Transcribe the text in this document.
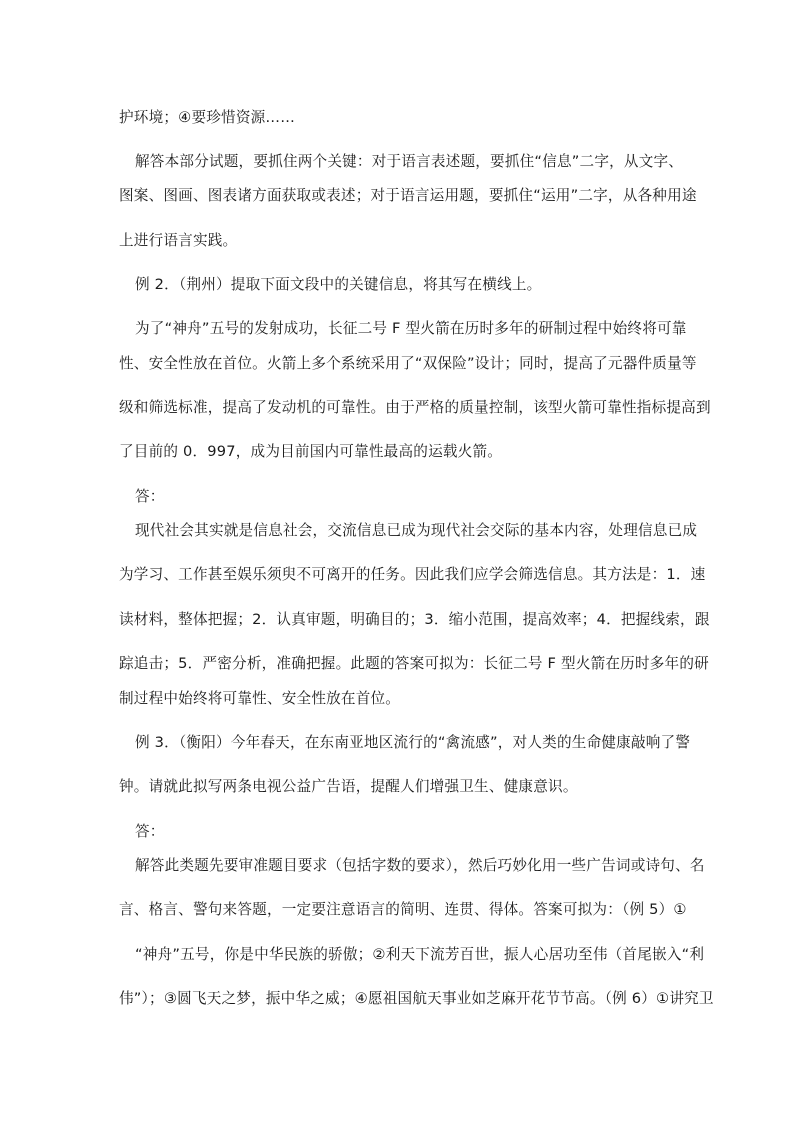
护环境；④要珍惜资源……
解答本部分试题，要抓住两个关键：对于语言表述题，要抓住“信息”二字，从文字、
图案、图画、图表诸方面获取或表述；对于语言运用题，要抓住“运用”二字，从各种用途
上进行语言实践。
例 2．（荆州）提取下面文段中的关键信息，将其写在横线上。
为了“神舟”五号的发射成功，长征二号 F 型火箭在历时多年的研制过程中始终将可靠
性、安全性放在首位。火箭上多个系统采用了“双保险”设计；同时，提高了元器件质量等
级和筛选标准，提高了发动机的可靠性。由于严格的质量控制，该型火箭可靠性指标提高到
了目前的 0．997，成为目前国内可靠性最高的运载火箭。
答：
现代社会其实就是信息社会，交流信息已成为现代社会交际的基本内容，处理信息已成
为学习、工作甚至娱乐须臾不可离开的任务。因此我们应学会筛选信息。其方法是：1．速
读材料，整体把握；2．认真审题，明确目的；3．缩小范围，提高效率；4．把握线索，跟
踪追击；5．严密分析，准确把握。此题的答案可拟为：长征二号 F 型火箭在历时多年的研
制过程中始终将可靠性、安全性放在首位。
例 3．（衡阳）今年春天，在东南亚地区流行的“禽流感”，对人类的生命健康敲响了警
钟。请就此拟写两条电视公益广告语，提醒人们增强卫生、健康意识。
答：
解答此类题先要审准题目要求（包括字数的要求），然后巧妙化用一些广告词或诗句、名
言、格言、警句来答题，一定要注意语言的简明、连贯、得体。答案可拟为：（例 5）①
“神舟”五号，你是中华民族的骄傲；②利天下流芳百世，振人心居功至伟（首尾嵌入“利
伟”）；③圆飞天之梦，振中华之威；④愿祖国航天事业如芝麻开花节节高。（例 6）①讲究卫
